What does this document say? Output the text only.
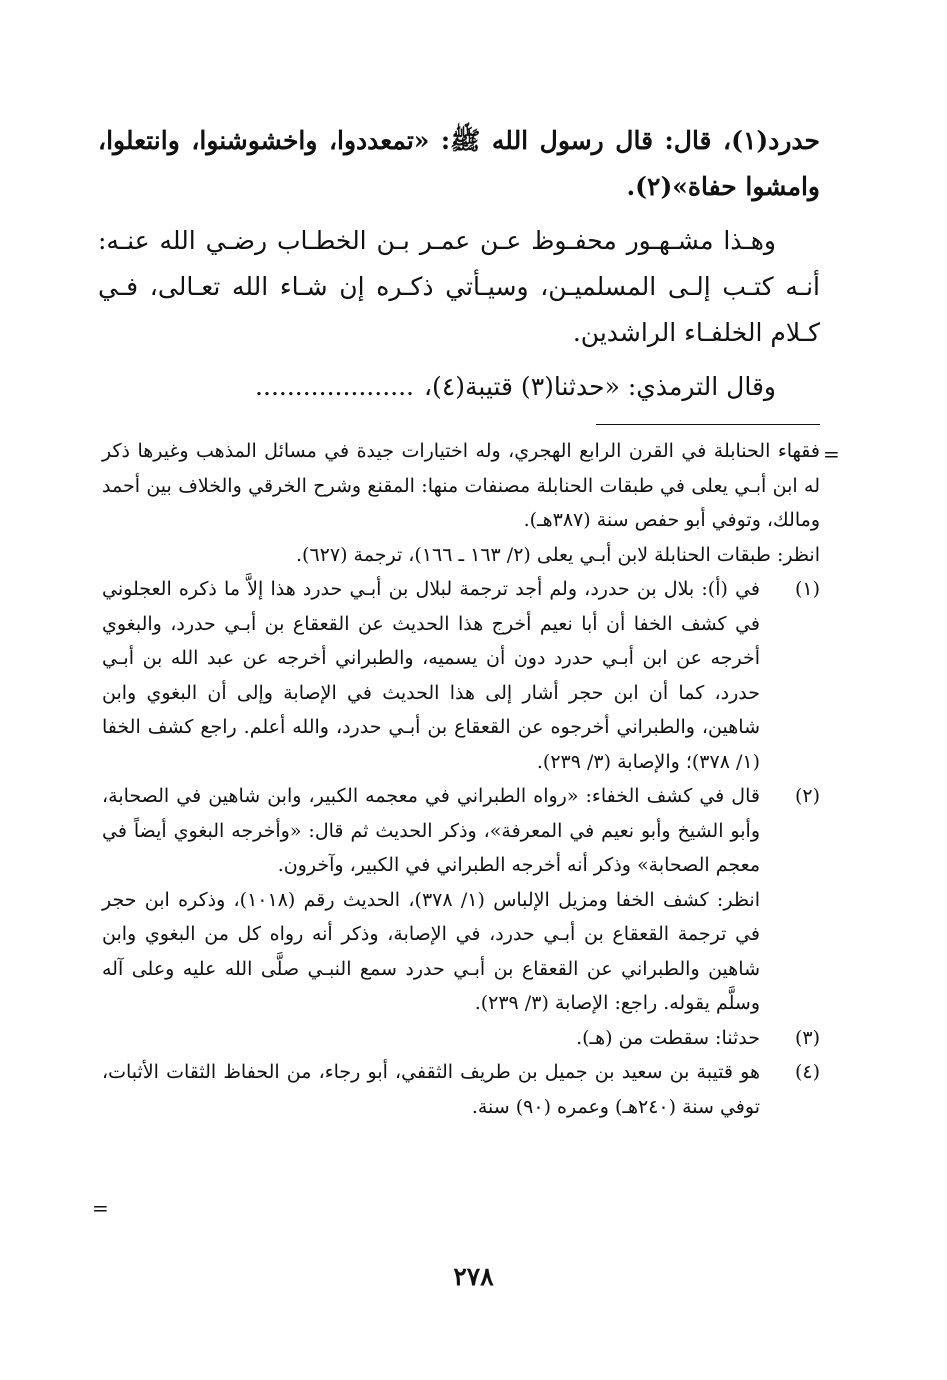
حدرد(١)، قال: قال رسول الله ﷺ: «تمعددوا، واخشوشنوا، وانتعلوا، وامشوا حفاة»(٢).

وهـذا مشـهـور محفـوظ عـن عمـر بـن الخطـاب رضـي الله عنـه: أنـه كتـب إلـى المسلميـن، وسيـأتي ذكـره إن شـاء الله تعـالى، فـي كـلام الخلفـاء الراشدين.

وقال الترمذي: «حدثنا(٣) قتيبة(٤)،....................

=

فقهاء الحنابلة في القرن الرابع الهجري، وله اختيارات جيدة في مسائل المذهب وغيرها ذكر له ابن أبـي يعلى في طبقات الحنابلة مصنفات منها: المقنع وشرح الخرقي والخلاف بين أحمد ومالك، وتوفي أبو حفص سنة (٣٨٧هـ).

انظر: طبقات الحنابلة لابن أبـي يعلى (٢/ ١٦٣ ـ ١٦٦)، ترجمة (٦٢٧).

(١)

في (أ): بلال بن حدرد، ولم أجد ترجمة لبلال بن أبـي حدرد هذا إلاَّ ما ذكره العجلوني في كشف الخفا أن أبا نعيم أخرج هذا الحديث عن القعقاع بن أبـي حدرد، والبغوي أخرجه عن ابن أبـي حدرد دون أن يسميه، والطبراني أخرجه عن عبد الله بن أبـي حدرد، كما أن ابن حجر أشار إلى هذا الحديث في الإصابة وإلى أن البغوي وابن شاهين، والطبراني أخرجوه عن القعقاع بن أبـي حدرد، والله أعلم. راجع كشف الخفا (١/ ٣٧٨)؛ والإصابة (٣/ ٢٣٩).

(٢)

قال في كشف الخفاء: «رواه الطبراني في معجمه الكبير، وابن شاهين في الصحابة، وأبو الشيخ وأبو نعيم في المعرفة»، وذكر الحديث ثم قال: «وأخرجه البغوي أيضاً في معجم الصحابة» وذكر أنه أخرجه الطبراني في الكبير، وآخرون.

انظر: كشف الخفا ومزيل الإلباس (١/ ٣٧٨)، الحديث رقم (١٠١٨)، وذكره ابن حجر في ترجمة القعقاع بن أبـي حدرد، في الإصابة، وذكر أنه رواه كل من البغوي وابن شاهين والطبراني عن القعقاع بن أبـي حدرد سمع النبـي صلَّى الله عليه وعلى آله وسلَّم يقوله. راجع: الإصابة (٣/ ٢٣٩).

(٣)

حدثنا: سقطت من (هـ).

(٤)

هو قتيبة بن سعيد بن جميل بن طريف الثقفي، أبو رجاء، من الحفاظ الثقات الأثبات، توفي سنة (٢٤٠هـ) وعمره (٩٠) سنة.

=
٢٧٨
